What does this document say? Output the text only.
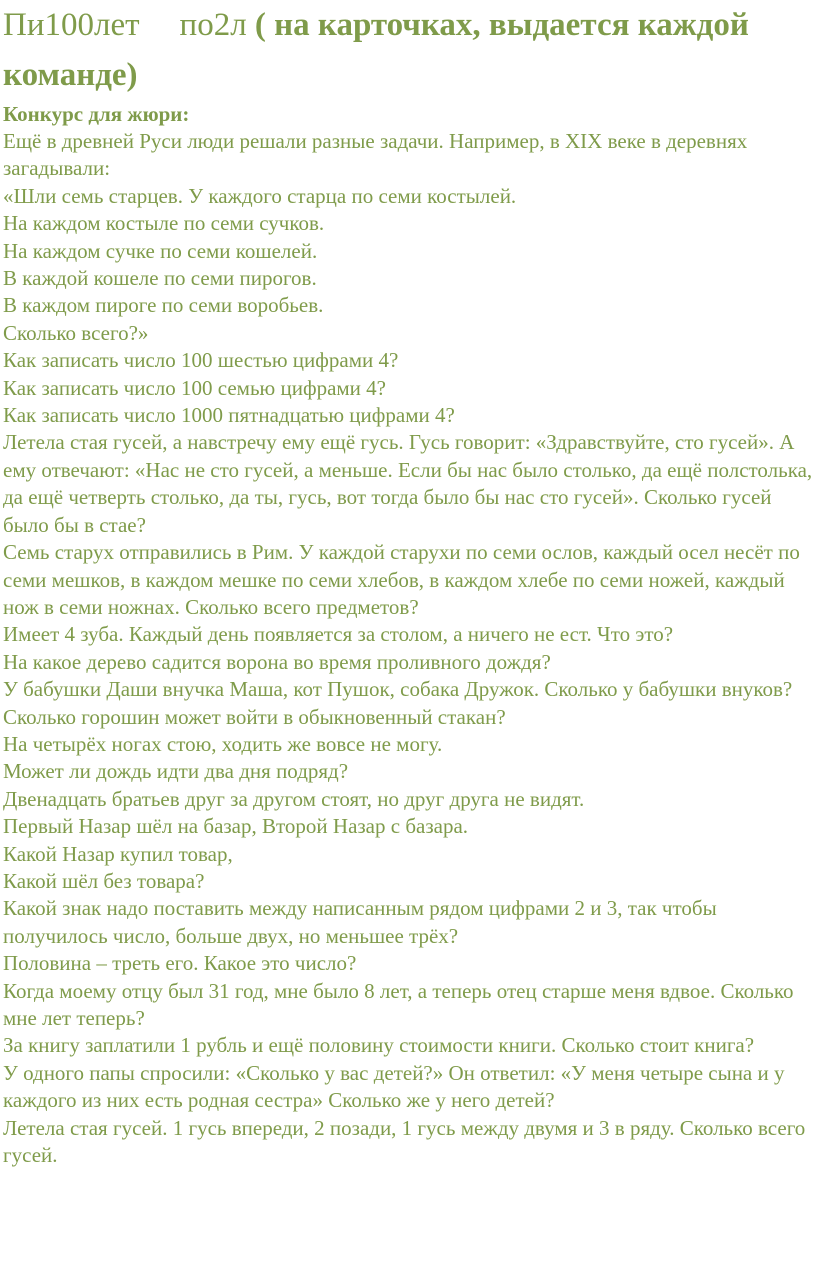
Пи100лет по2л ( на карточках, выдается каждой команде)

Конкурс для жюри:

Ещё в древней Руси люди решали разные задачи. Например, в XIX веке в деревнях загадывали:

«Шли семь старцев. У каждого старца по семи костылей.

На каждом костыле по семи сучков.

На каждом сучке по семи кошелей.

В каждой кошеле по семи пирогов.

В каждом пироге по семи воробьев.

Сколько всего?»

Как записать число 100 шестью цифрами 4?

Как записать число 100 семью цифрами 4?

Как записать число 1000 пятнадцатью цифрами 4?

Летела стая гусей, а навстречу ему ещё гусь. Гусь говорит: «Здравствуйте, сто гусей». А ему отвечают: «Нас не сто гусей, а меньше. Если бы нас было столько, да ещё полстолька, да ещё четверть столько, да ты, гусь, вот тогда было бы нас сто гусей». Сколько гусей было бы в стае?

Семь старух отправились в Рим. У каждой старухи по семи ослов, каждый осел несёт по семи мешков, в каждом мешке по семи хлебов, в каждом хлебе по семи ножей, каждый нож в семи ножнах. Сколько всего предметов?

Имеет 4 зуба. Каждый день появляется за столом, а ничего не ест. Что это?

На какое дерево садится ворона во время проливного дождя?

У бабушки Даши внучка Маша, кот Пушок, собака Дружок. Сколько у бабушки внуков?

Сколько горошин может войти в обыкновенный стакан?

На четырёх ногах стою, ходить же вовсе не могу.

Может ли дождь идти два дня подряд?

Двенадцать братьев друг за другом стоят, но друг друга не видят.

Первый Назар шёл на базар, Второй Назар с базара.

Какой Назар купил товар,

Какой шёл без товара?

Какой знак надо поставить между написанным рядом цифрами 2 и 3, так чтобы получилось число, больше двух, но меньшее трёх?

Половина – треть его. Какое это число?

Когда моему отцу был 31 год, мне было 8 лет, а теперь отец старше меня вдвое. Сколько мне лет теперь?

За книгу заплатили 1 рубль и ещё половину стоимости книги. Сколько стоит книга?

У одного папы спросили: «Сколько у вас детей?» Он ответил: «У меня четыре сына и у каждого из них есть родная сестра» Сколько же у него детей?

Летела стая гусей. 1 гусь впереди, 2 позади, 1 гусь между двумя и 3 в ряду. Сколько всего гусей.
